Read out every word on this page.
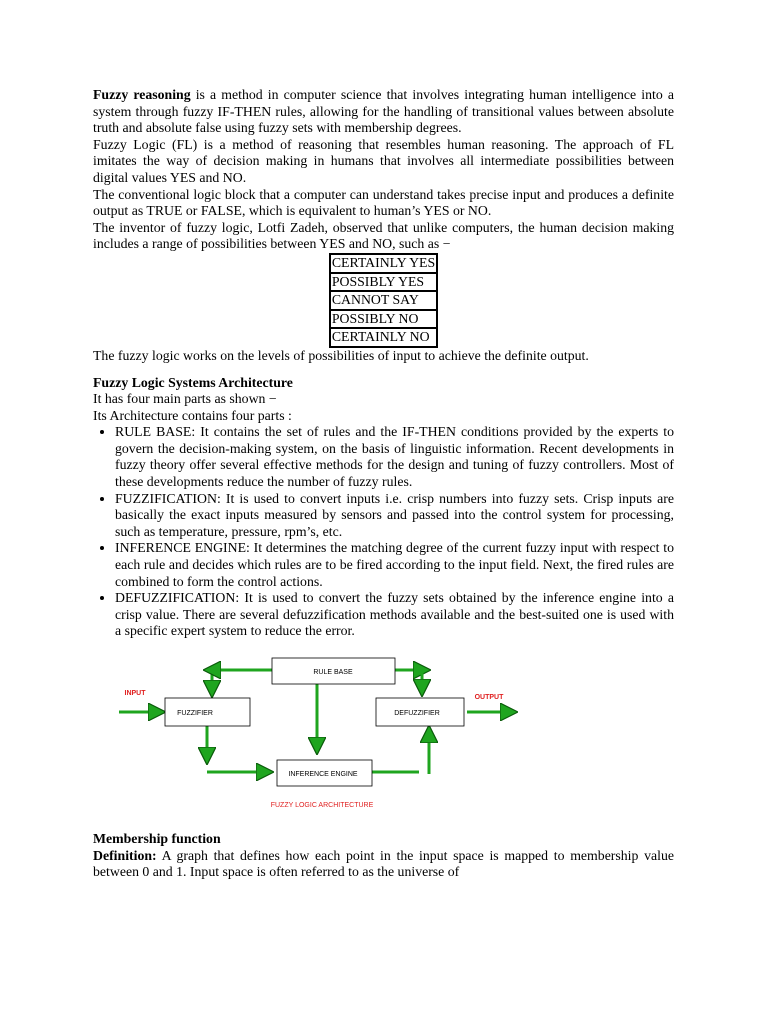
Fuzzy reasoning is a method in computer science that involves integrating human intelligence into a system through fuzzy IF-THEN rules, allowing for the handling of transitional values between absolute truth and absolute false using fuzzy sets with membership degrees.

Fuzzy Logic (FL) is a method of reasoning that resembles human reasoning. The approach of FL imitates the way of decision making in humans that involves all intermediate possibilities between digital values YES and NO.

The conventional logic block that a computer can understand takes precise input and produces a definite output as TRUE or FALSE, which is equivalent to human’s YES or NO.

The inventor of fuzzy logic, Lotfi Zadeh, observed that unlike computers, the human decision making includes a range of possibilities between YES and NO, such as −

CERTAINLY YES
POSSIBLY YES
CANNOT SAY
POSSIBLY NO
CERTAINLY NO

The fuzzy logic works on the levels of possibilities of input to achieve the definite output.

Fuzzy Logic Systems Architecture

It has four main parts as shown −

Its Architecture contains four parts :

• RULE BASE: It contains the set of rules and the IF-THEN conditions provided by the experts to govern the decision-making system, on the basis of linguistic information. Recent developments in fuzzy theory offer several effective methods for the design and tuning of fuzzy controllers. Most of these developments reduce the number of fuzzy rules.
• FUZZIFICATION: It is used to convert inputs i.e. crisp numbers into fuzzy sets. Crisp inputs are basically the exact inputs measured by sensors and passed into the control system for processing, such as temperature, pressure, rpm’s, etc.
• INFERENCE ENGINE: It determines the matching degree of the current fuzzy input with respect to each rule and decides which rules are to be fired according to the input field. Next, the fired rules are combined to form the control actions.
• DEFUZZIFICATION: It is used to convert the fuzzy sets obtained by the inference engine into a crisp value. There are several defuzzification methods available and the best-suited one is used with a specific expert system to reduce the error.
RULE BASE
FUZZIFIER	DEFUZZIFIER
INFERENCE ENGINE
INPUT
OUTPUT
FUZZY LOGIC ARCHITECTURE

Membership function

Definition: A graph that defines how each point in the input space is mapped to membership value between 0 and 1. Input space is often referred to as the universe of
